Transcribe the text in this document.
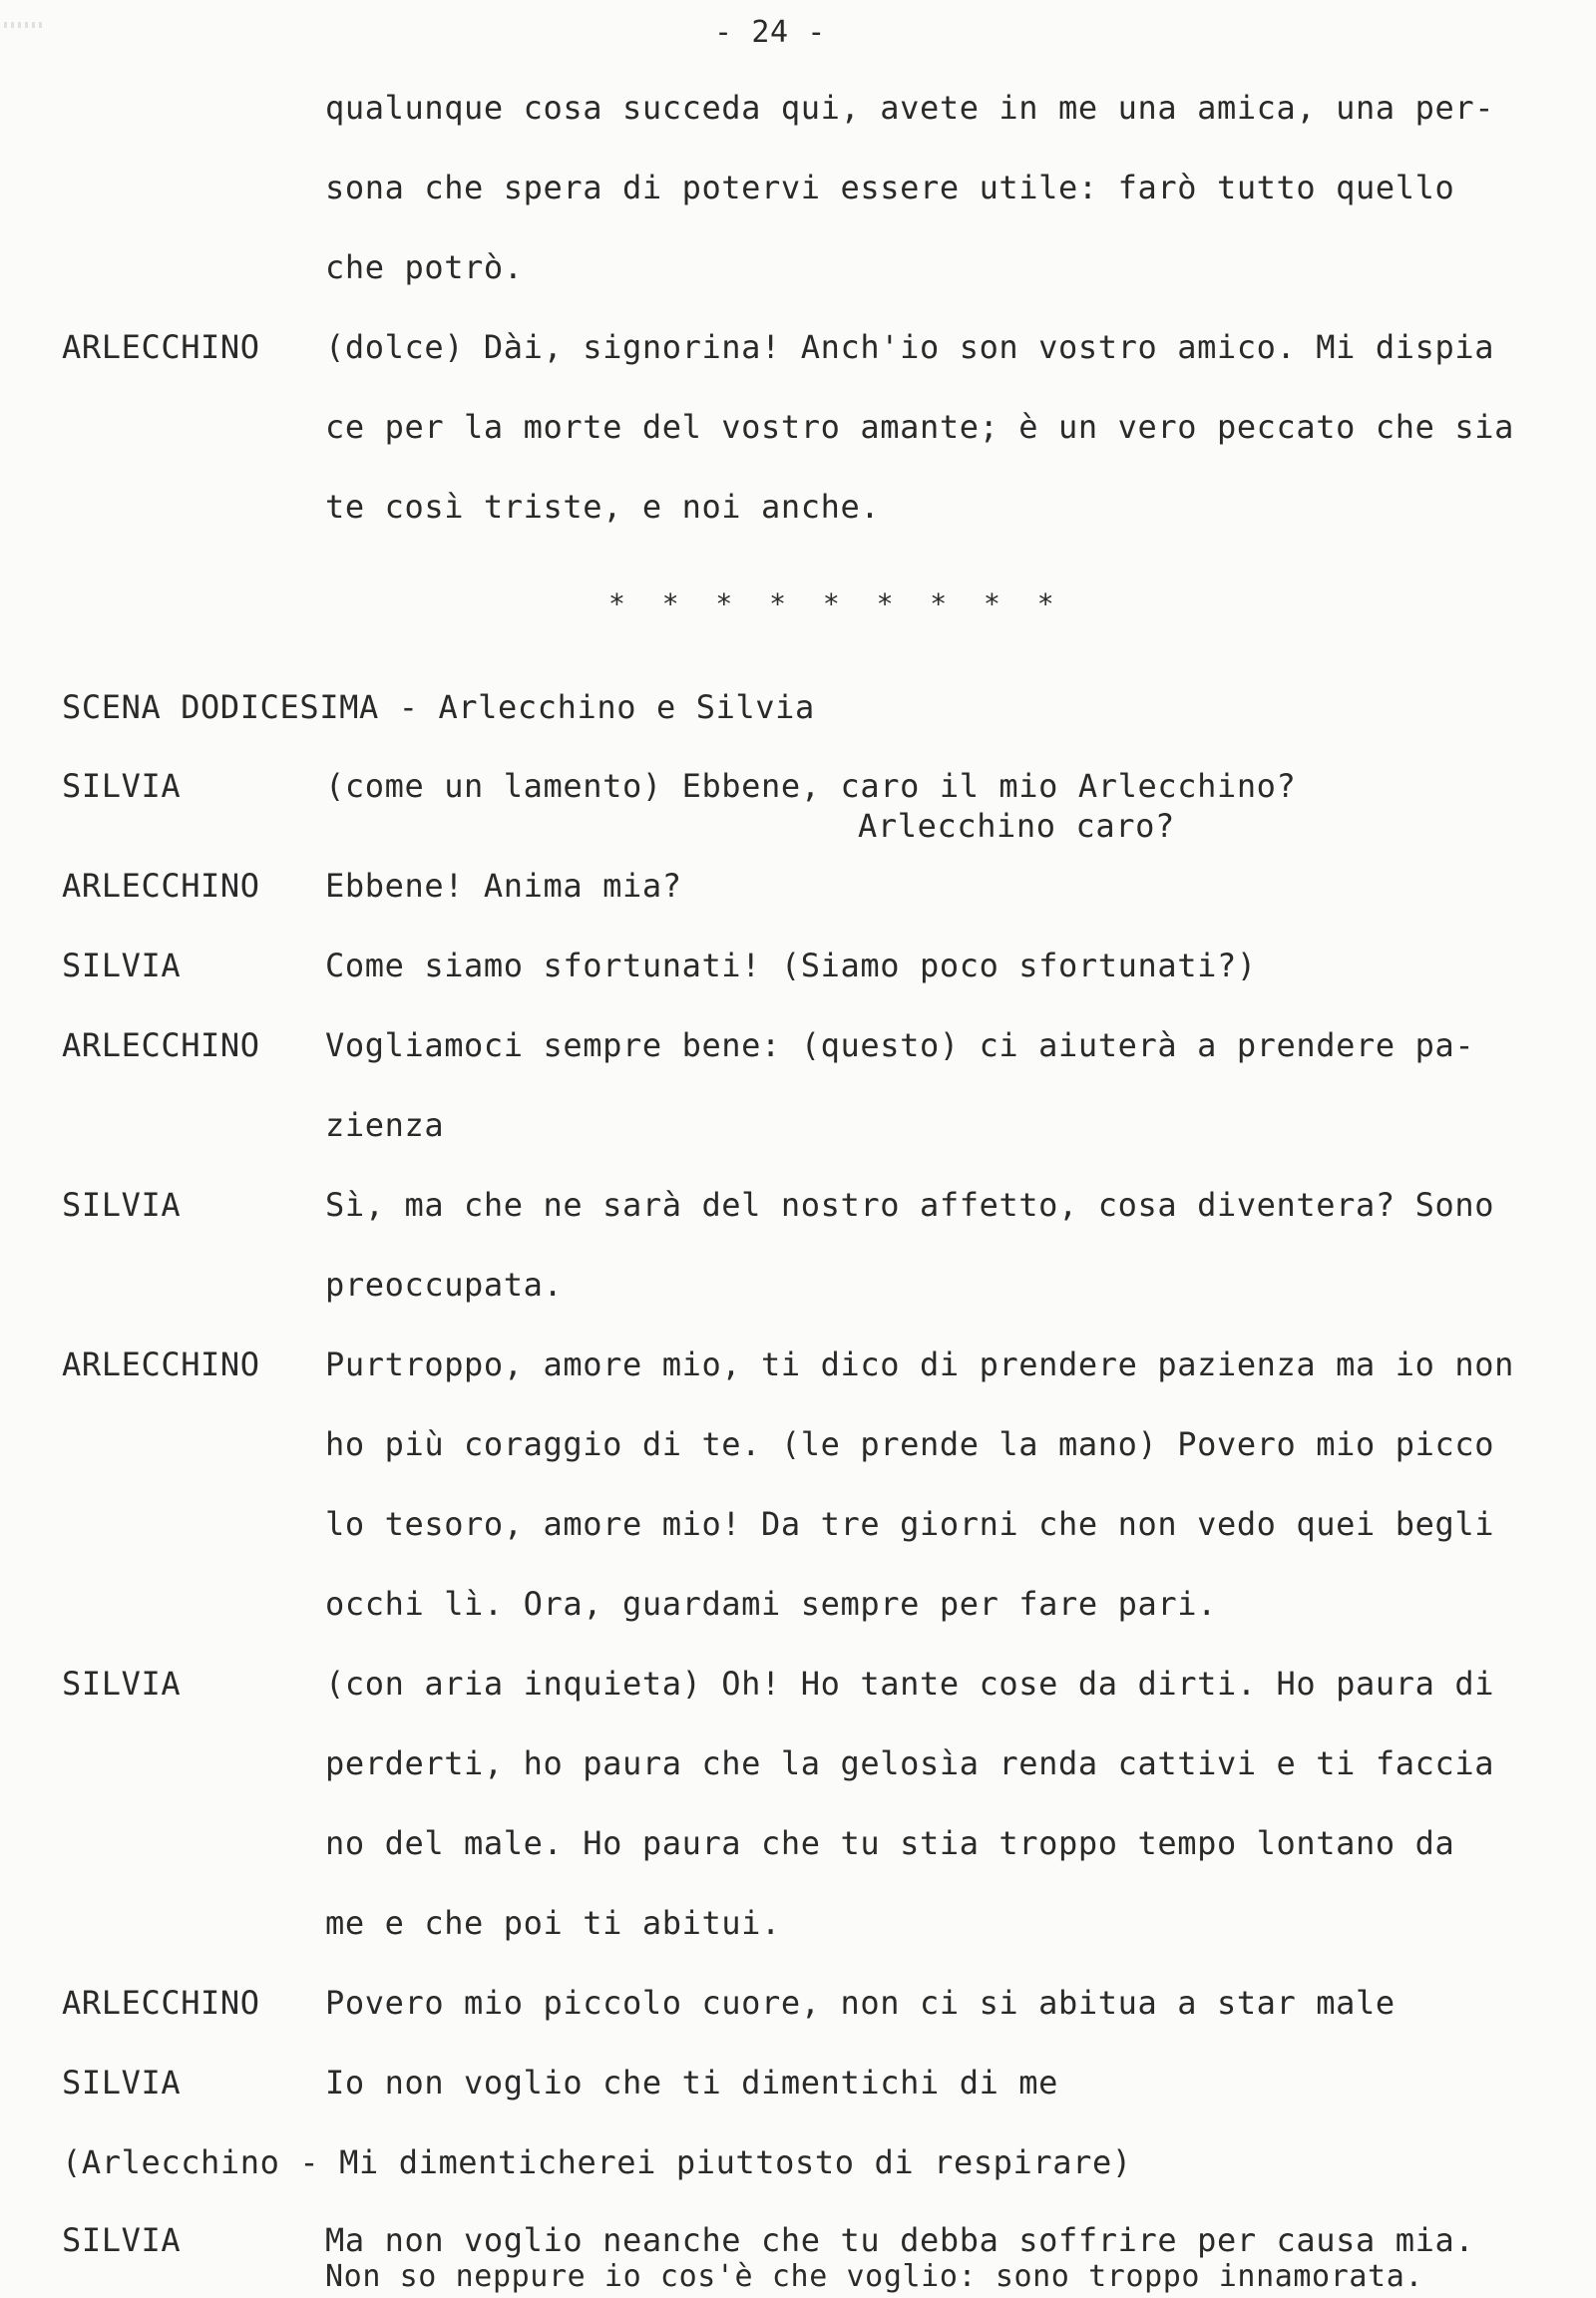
- 24 -
qualunque cosa succeda qui, avete in me una amica, una per-
sona che spera di potervi essere utile: farò tutto quello
che potrò.
ARLECCHINO (dolce) Dài, signorina! Anch'io son vostro amico. Mi dispia
ce per la morte del vostro amante; è un vero peccato che sia
te così triste, e noi anche.
* * * * * * * * *
SCENA DODICESIMA - Arlecchino e Silvia
SILVIA	(come un lamento) Ebbene, caro il mio Arlecchino?
Arlecchino caro?
ARLECCHINO Ebbene! Anima mia?
SILVIA	Come siamo sfortunati! (Siamo poco sfortunati?)
ARLECCHINO Vogliamoci sempre bene: (questo) ci aiuterà a prendere pa-
zienza
SILVIA	Sì, ma che ne sarà del nostro affetto, cosa diventera? Sono
preoccupata.
ARLECCHINO Purtroppo, amore mio, ti dico di prendere pazienza ma io non
ho più coraggio di te. (le prende la mano) Povero mio picco
lo tesoro, amore mio! Da tre giorni che non vedo quei begli
occhi lì. Ora, guardami sempre per fare pari.
SILVIA	(con aria inquieta) Oh! Ho tante cose da dirti. Ho paura di
perderti, ho paura che la gelosìa renda cattivi e ti faccia
no del male. Ho paura che tu stia troppo tempo lontano da
me e che poi ti abitui.
ARLECCHINO Povero mio piccolo cuore, non ci si abitua a star male
SILVIA	Io non voglio che ti dimentichi di me
(Arlecchino - Mi dimenticherei piuttosto di respirare)
SILVIA	Ma non voglio neanche che tu debba soffrire per causa mia.
Non so neppure io cos'è che voglio: sono troppo innamorata.
